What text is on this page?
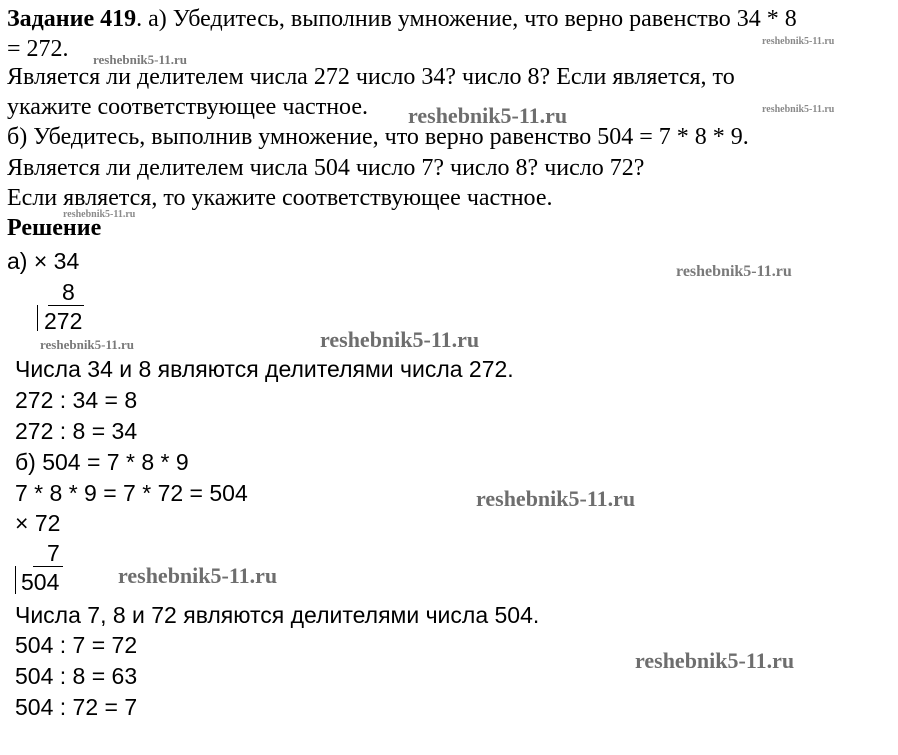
Задание 419. а) Убедитесь, выполнив умножение, что верно равенство 34 * 8
= 272.
Является ли делителем числа 272 число 34? число 8? Если является, то
укажите соответствующее частное.
б) Убедитесь, выполнив умножение, что верно равенство 504 = 7 * 8 * 9.
Является ли делителем числа 504 число 7? число 8? число 72?
Если является, то укажите соответствующее частное.
Решение
а) × 34
8
272
Числа 34 и 8 являются делителями числа 272.
272 : 34 = 8
272 : 8 = 34
б) 504 = 7 * 8 * 9
7 * 8 * 9 = 7 * 72 = 504
× 72
7
504
Числа 7, 8 и 72 являются делителями числа 504.
504 : 7 = 72
504 : 8 = 63
504 : 72 = 7
reshebnik5-11.ru
reshebnik5-11.ru
reshebnik5-11.ru
reshebnik5-11.ru
reshebnik5-11.ru
reshebnik5-11.ru
reshebnik5-11.ru	reshebnik5-11.ru
reshebnik5-11.ru
reshebnik5-11.ru
reshebnik5-11.ru
